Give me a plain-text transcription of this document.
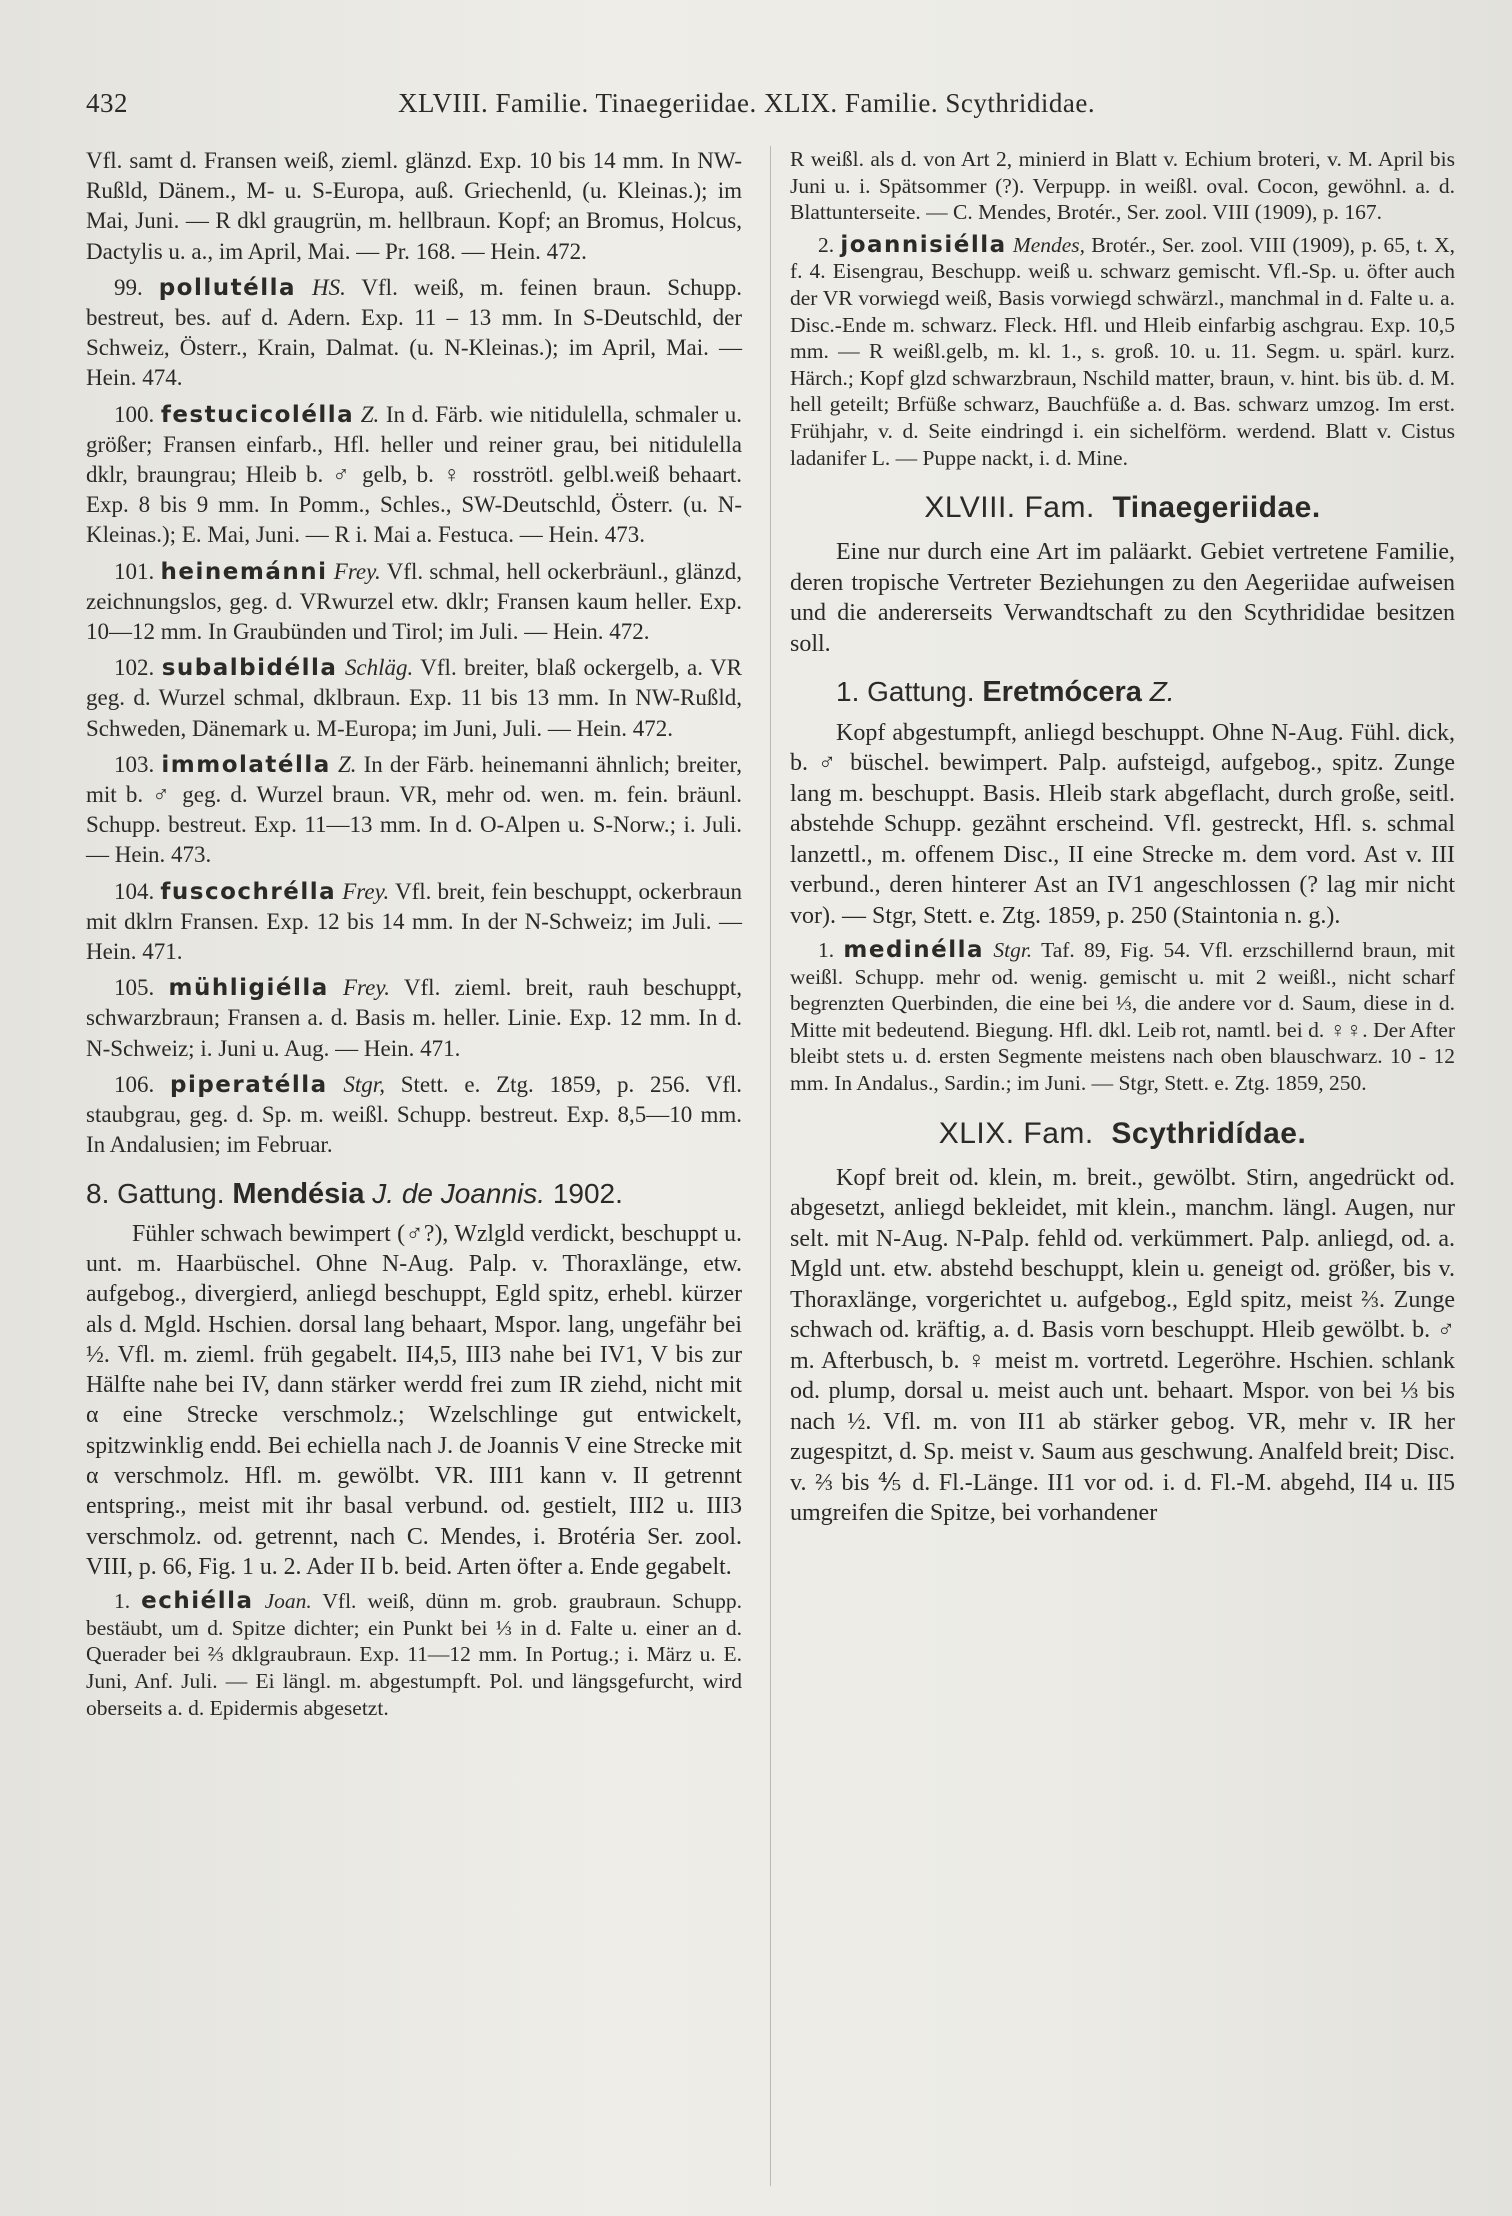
432	XLVIII. Familie. Tinaegeriidae. XLIX. Familie. Scythrididae.

Vfl. samt d. Fransen weiß, zieml. glänzd. Exp. 10 bis 14 mm. In NW-Rußld, Dänem., M- u. S-Europa, auß. Griechenld, (u. Kleinas.); im Mai, Juni. — R dkl graugrün, m. hellbraun. Kopf; an Bromus, Holcus, Dactylis u. a., im April, Mai. — Pr. 168. — Hein. 472.

99. pollutélla HS. Vfl. weiß, m. feinen braun. Schupp. bestreut, bes. auf d. Adern. Exp. 11 – 13 mm. In S-Deutschld, der Schweiz, Österr., Krain, Dalmat. (u. N-Kleinas.); im April, Mai. — Hein. 474.

100. festucicolélla Z. In d. Färb. wie nitidulella, schmaler u. größer; Fransen einfarb., Hfl. heller und reiner grau, bei nitidulella dklr, braungrau; Hleib b. ♂ gelb, b. ♀ rosströtl. gelbl.weiß behaart. Exp. 8 bis 9 mm. In Pomm., Schles., SW-Deutschld, Österr. (u. N-Kleinas.); E. Mai, Juni. — R i. Mai a. Festuca. — Hein. 473.

101. heinemánni Frey. Vfl. schmal, hell ockerbräunl., glänzd, zeichnungslos, geg. d. VRwurzel etw. dklr; Fransen kaum heller. Exp. 10—12 mm. In Graubünden und Tirol; im Juli. — Hein. 472.

102. subalbidélla Schläg. Vfl. breiter, blaß ockergelb, a. VR geg. d. Wurzel schmal, dklbraun. Exp. 11 bis 13 mm. In NW-Rußld, Schweden, Dänemark u. M-Europa; im Juni, Juli. — Hein. 472.

103. immolatélla Z. In der Färb. heinemanni ähnlich; breiter, mit b. ♂ geg. d. Wurzel braun. VR, mehr od. wen. m. fein. bräunl. Schupp. bestreut. Exp. 11—13 mm. In d. O-Alpen u. S-Norw.; i. Juli. — Hein. 473.

104. fuscochrélla Frey. Vfl. breit, fein beschuppt, ockerbraun mit dklrn Fransen. Exp. 12 bis 14 mm. In der N-Schweiz; im Juli. — Hein. 471.

105. mühligiélla Frey. Vfl. zieml. breit, rauh beschuppt, schwarzbraun; Fransen a. d. Basis m. heller. Linie. Exp. 12 mm. In d. N-Schweiz; i. Juni u. Aug. — Hein. 471.

106. piperatélla Stgr, Stett. e. Ztg. 1859, p. 256. Vfl. staubgrau, geg. d. Sp. m. weißl. Schupp. bestreut. Exp. 8,5—10 mm. In Andalusien; im Februar.

8. Gattung. Mendésia J. de Joannis. 1902.

Fühler schwach bewimpert (♂?), Wzlgld verdickt, beschuppt u. unt. m. Haarbüschel. Ohne N-Aug. Palp. v. Thoraxlänge, etw. aufgebog., divergierd, anliegd beschuppt, Egld spitz, erhebl. kürzer als d. Mgld. Hschien. dorsal lang behaart, Mspor. lang, ungefähr bei ½. Vfl. m. zieml. früh gegabelt. II4,5, III3 nahe bei IV1, V bis zur Hälfte nahe bei IV, dann stärker werdd frei zum IR ziehd, nicht mit α eine Strecke verschmolz.; Wzelschlinge gut entwickelt, spitzwinklig endd. Bei echiella nach J. de Joannis V eine Strecke mit α verschmolz. Hfl. m. gewölbt. VR. III1 kann v. II getrennt entspring., meist mit ihr basal verbund. od. gestielt, III2 u. III3 verschmolz. od. getrennt, nach C. Mendes, i. Brotéria Ser. zool. VIII, p. 66, Fig. 1 u. 2. Ader II b. beid. Arten öfter a. Ende gegabelt.

1. echiélla Joan. Vfl. weiß, dünn m. grob. graubraun. Schupp. bestäubt, um d. Spitze dichter; ein Punkt bei ⅓ in d. Falte u. einer an d. Querader bei ⅔ dklgraubraun. Exp. 11—12 mm. In Portug.; i. März u. E. Juni, Anf. Juli. — Ei längl. m. abgestumpft. Pol. und längsgefurcht, wird oberseits a. d. Epidermis abgesetzt.

R weißl. als d. von Art 2, minierd in Blatt v. Echium broteri, v. M. April bis Juni u. i. Spätsommer (?). Verpupp. in weißl. oval. Cocon, gewöhnl. a. d. Blattunterseite. — C. Mendes, Brotér., Ser. zool. VIII (1909), p. 167.

2. joannisiélla Mendes, Brotér., Ser. zool. VIII (1909), p. 65, t. X, f. 4. Eisengrau, Beschupp. weiß u. schwarz gemischt. Vfl.-Sp. u. öfter auch der VR vorwiegd weiß, Basis vorwiegd schwärzl., manchmal in d. Falte u. a. Disc.-Ende m. schwarz. Fleck. Hfl. und Hleib einfarbig aschgrau. Exp. 10,5 mm. — R weißl.gelb, m. kl. 1., s. groß. 10. u. 11. Segm. u. spärl. kurz. Härch.; Kopf glzd schwarzbraun, Nschild matter, braun, v. hint. bis üb. d. M. hell geteilt; Brfüße schwarz, Bauchfüße a. d. Bas. schwarz umzog. Im erst. Frühjahr, v. d. Seite eindringd i. ein sichelförm. werdend. Blatt v. Cistus ladanifer L. — Puppe nackt, i. d. Mine.

XLVIII. Fam. Tinaegeriidae.

Eine nur durch eine Art im paläarkt. Gebiet vertretene Familie, deren tropische Vertreter Beziehungen zu den Aegeriidae aufweisen und die andererseits Verwandtschaft zu den Scythrididae besitzen soll.

1. Gattung. Eretmócera Z.

Kopf abgestumpft, anliegd beschuppt. Ohne N-Aug. Fühl. dick, b. ♂ büschel. bewimpert. Palp. aufsteigd, aufgebog., spitz. Zunge lang m. beschuppt. Basis. Hleib stark abgeflacht, durch große, seitl. abstehde Schupp. gezähnt erscheind. Vfl. gestreckt, Hfl. s. schmal lanzettl., m. offenem Disc., II eine Strecke m. dem vord. Ast v. III verbund., deren hinterer Ast an IV1 angeschlossen (? lag mir nicht vor). — Stgr, Stett. e. Ztg. 1859, p. 250 (Staintonia n. g.).

1. medinélla Stgr. Taf. 89, Fig. 54. Vfl. erzschillernd braun, mit weißl. Schupp. mehr od. wenig. gemischt u. mit 2 weißl., nicht scharf begrenzten Querbinden, die eine bei ⅓, die andere vor d. Saum, diese in d. Mitte mit bedeutend. Biegung. Hfl. dkl. Leib rot, namtl. bei d. ♀♀. Der After bleibt stets u. d. ersten Segmente meistens nach oben blauschwarz. 10 - 12 mm. In Andalus., Sardin.; im Juni. — Stgr, Stett. e. Ztg. 1859, 250.

XLIX. Fam. Scythridídae.

Kopf breit od. klein, m. breit., gewölbt. Stirn, angedrückt od. abgesetzt, anliegd bekleidet, mit klein., manchm. längl. Augen, nur selt. mit N-Aug. N-Palp. fehld od. verkümmert. Palp. anliegd, od. a. Mgld unt. etw. abstehd beschuppt, klein u. geneigt od. größer, bis v. Thoraxlänge, vorgerichtet u. aufgebog., Egld spitz, meist ⅔. Zunge schwach od. kräftig, a. d. Basis vorn beschuppt. Hleib gewölbt. b. ♂ m. Afterbusch, b. ♀ meist m. vortretd. Legeröhre. Hschien. schlank od. plump, dorsal u. meist auch unt. behaart. Mspor. von bei ⅓ bis nach ½. Vfl. m. von II1 ab stärker gebog. VR, mehr v. IR her zugespitzt, d. Sp. meist v. Saum aus geschwung. Analfeld breit; Disc. v. ⅔ bis ⅘ d. Fl.-Länge. II1 vor od. i. d. Fl.-M. abgehd, II4 u. II5 umgreifen die Spitze, bei vorhandener
